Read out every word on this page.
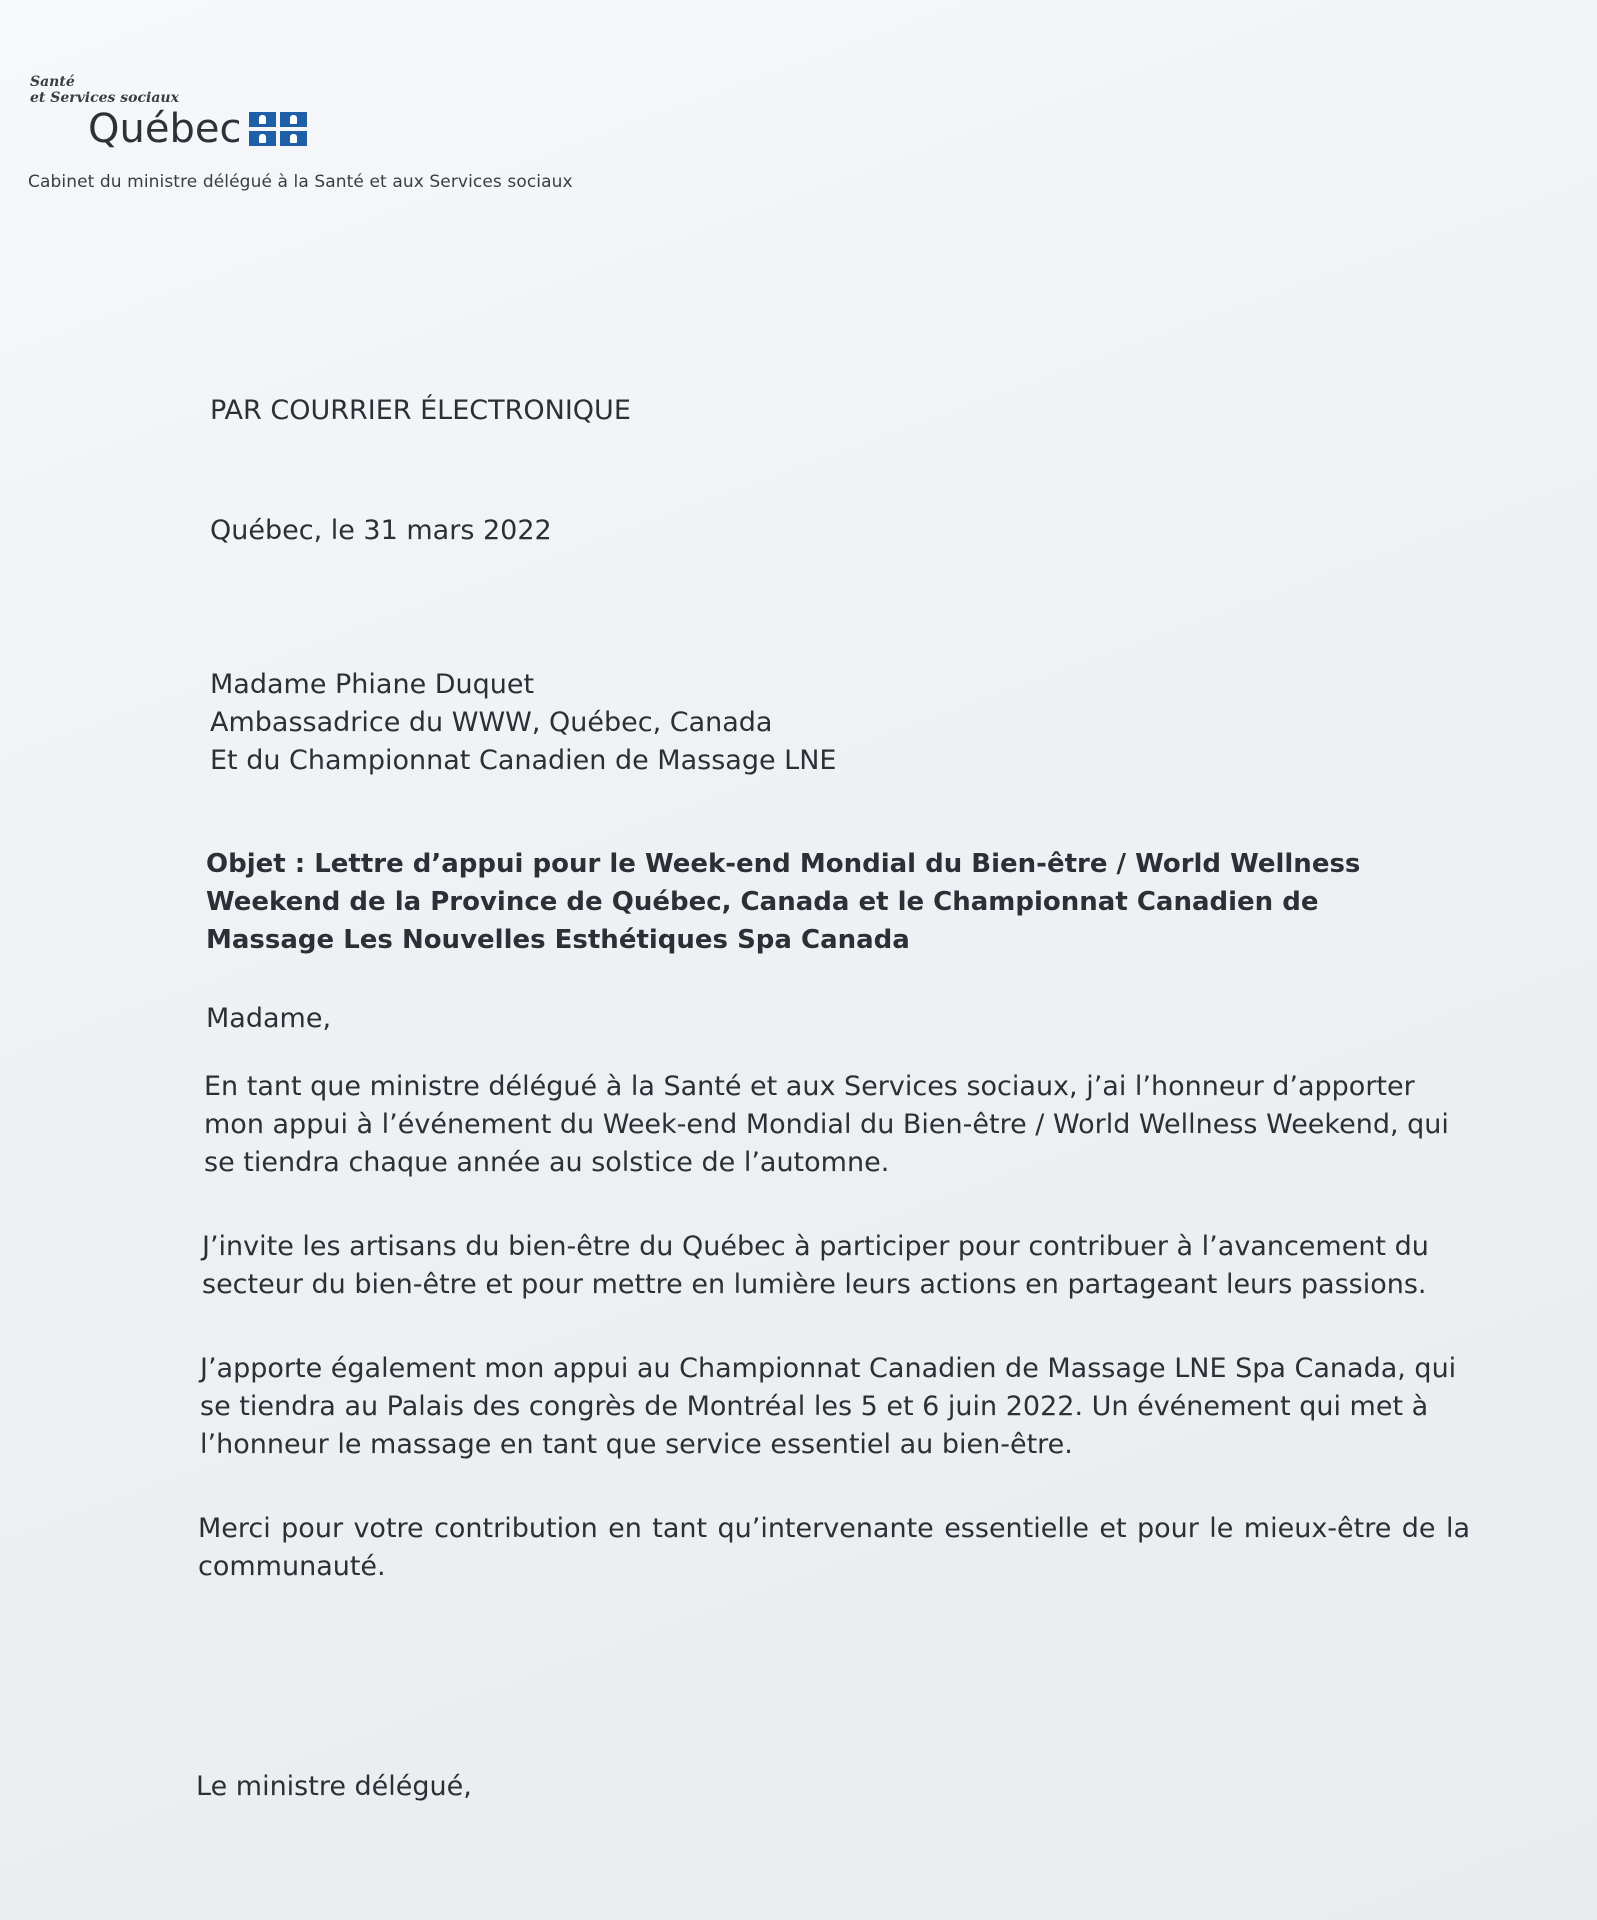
Santé

et Services sociaux

Québec
Cabinet du ministre délégué à la Santé et aux Services sociaux

PAR COURRIER ÉLECTRONIQUE

Québec, le 31 mars 2022

Madame Phiane Duquet
Ambassadrice du WWW, Québec, Canada
Et du Championnat Canadien de Massage LNE

Objet : Lettre d’appui pour le Week-end Mondial du Bien-être / World Wellness Weekend de la Province de Québec, Canada et le Championnat Canadien de Massage Les Nouvelles Esthétiques Spa Canada

Madame,

En tant que ministre délégué à la Santé et aux Services sociaux, j’ai l’honneur d’apporter mon appui à l’événement du Week-end Mondial du Bien-être / World Wellness Weekend, qui se tiendra chaque année au solstice de l’automne.

J’invite les artisans du bien-être du Québec à participer pour contribuer à l’avancement du secteur du bien-être et pour mettre en lumière leurs actions en partageant leurs passions.

J’apporte également mon appui au Championnat Canadien de Massage LNE Spa Canada, qui se tiendra au Palais des congrès de Montréal les 5 et 6 juin 2022. Un événement qui met à l’honneur le massage en tant que service essentiel au bien-être.

Merci pour votre contribution en tant qu’intervenante essentielle et pour le mieux-être de la communauté.

Le ministre délégué,
